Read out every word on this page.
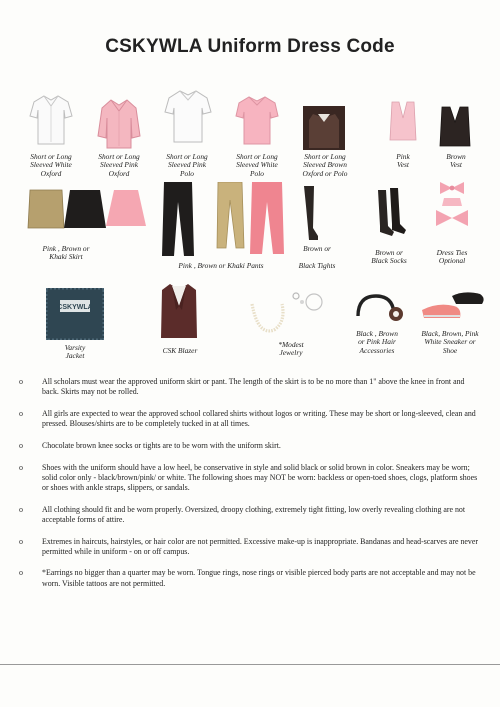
CSKYWLA Uniform Dress Code
Short or Long
Sleeved White
Oxford
Short or Long
Sleeved Pink
Oxford
Short or Long
Sleeved Pink
Polo
Short or Long
Sleeved White
Polo
Short or Long
Sleeved Brown
Oxford or Polo
Pink
Vest
Brown
Vest
Pink , Brown or
Khaki Skirt
Pink , Brown or Khaki Pants
Brown or

Black Tights
Brown or
Black Socks
Dress Ties
Optional
CSKYWLA
Varsity
Jacket
CSK Blazer
*Modest
Jewelry
Black , Brown
or Pink Hair
Accessories
Black, Brown, Pink
White Sneaker or
Shoe
o	All scholars must wear the approved uniform skirt or pant. The length of the skirt is to be no more than 1" above the knee in front and back. Skirts may not be rolled.
o	All girls are expected to wear the approved school collared shirts without logos or writing. These may be short or long-sleeved, clean and pressed. Blouses/shirts are to be completely tucked in at all times.
o	Chocolate brown knee socks or tights are to be worn with the uniform skirt.
o	Shoes with the uniform should have a low heel, be conservative in style and solid black or solid brown in color. Sneakers may be worn; solid color only - black/brown/pink/ or white. The following shoes may NOT be worn: backless or open-toed shoes, clogs, platform shoes or shoes with ankle straps, slippers, or sandals.
o	All clothing should fit and be worn properly. Oversized, droopy clothing, extremely tight fitting, low overly revealing clothing are not acceptable forms of attire.
o	Extremes in haircuts, hairstyles, or hair color are not permitted. Excessive make-up is inappropriate. Bandanas and head-scarves are never permitted while in uniform - on or off campus.
o	*Earrings no bigger than a quarter may be worn. Tongue rings, nose rings or visible pierced body parts are not acceptable and may not be worn. Visible tattoos are not permitted.
